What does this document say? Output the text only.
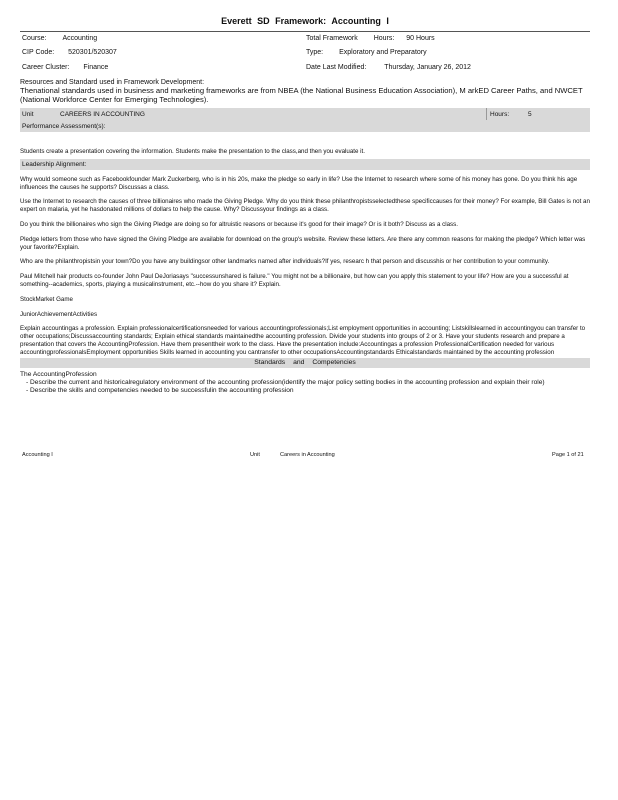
Everett SD Framework: Accounting I
Course: Accounting	Total Framework Hours: 90 Hours
CIP Code: 520301/520307	Type: Exploratory and Preparatory
Career Cluster: Finance	Date Last Modified:	Thursday, January 26, 2012
Resources and Standard used in Framework Development:
Thenational standards used in business and marketing frameworks are from NBEA (the National Business Education Association), M arkED Career Paths, and NWCET (National Workforce Center for Emerging Technologies).
Unit	CAREERS IN ACCOUNTING	Hours:	5
Performance Assessment(s):
Students create a presentation covering the information. Students make the presentation to the class,and then you evaluate it.
Leadership Alignment:
Why would someone such as Facebookfounder Mark Zuckerberg, who is in his 20s, make the pledge so early in life? Use the Internet to research where some of his money has gone. Do you think his age influences the causes he supports? Discussas a class.
Use the Internet to research the causes of three billionaires who made the Giving Pledge. Why do you think these philanthropistsselectedthese specificcauses for their money? For example, Bill Gates is not an expert on malaria, yet he hasdonated millions of dollars to help the cause. Why? Discussyour findings as a class.
Do you think the billionaires who sign the Giving Pledge are doing so for altruistic reasons or because it's good for their image? Or is it both? Discuss as a class.
Pledge letters from those who have signed the Giving Pledge are available for download on the group's website. Review these letters. Are there any common reasons for making the pledge? Which letter was your favorite?Explain.
Who are the philanthropistsin your town?Do you have any buildingsor other landmarks named after individuals?If yes, researc h that person and discusshis or her contribution to your community.
Paul Mitchell hair products co-founder John Paul DeJoriasays "successunshared is failure." You might not be a billionaire, but how can you apply this statement to your life? How are you a successful at something--academics, sports, playing a musicalinstrument, etc.--how do you share it? Explain.
StockMarket Game
JuniorAchievementActivities
Explain accountingas a profession. Explain professionalcertificationsneeded for various accountingprofessionals;List employment opportunities in accounting; Listskillslearned in accountingyou can transfer to other occupations;Discussaccounting standards; Explain ethical standards maintainedthe accounting profession. Divide your students into groups of 2 or 3. Have your students research and prepare a presentation that covers the AccountingProfession. Have them presenttheir work to the class. Have the presentation include:Accountingas a profession ProfessionalCertification needed for various accountingprofessionalsEmployment opportunities Skills learned in accounting you cantransfer to other occupationsAccountingstandards Ethicalstandards maintained by the accounting profession
Standards and Competencies
The AccountingProfession
- Describe the current and historicalregulatory environment of the accounting profession(identify the major policy setting bodies in the accounting profession and explain their role)
- Describe the skills and competencies needed to be successfulin the accounting profession
Accounting I	Unit	Careers in Accounting	Page 1 of 21
